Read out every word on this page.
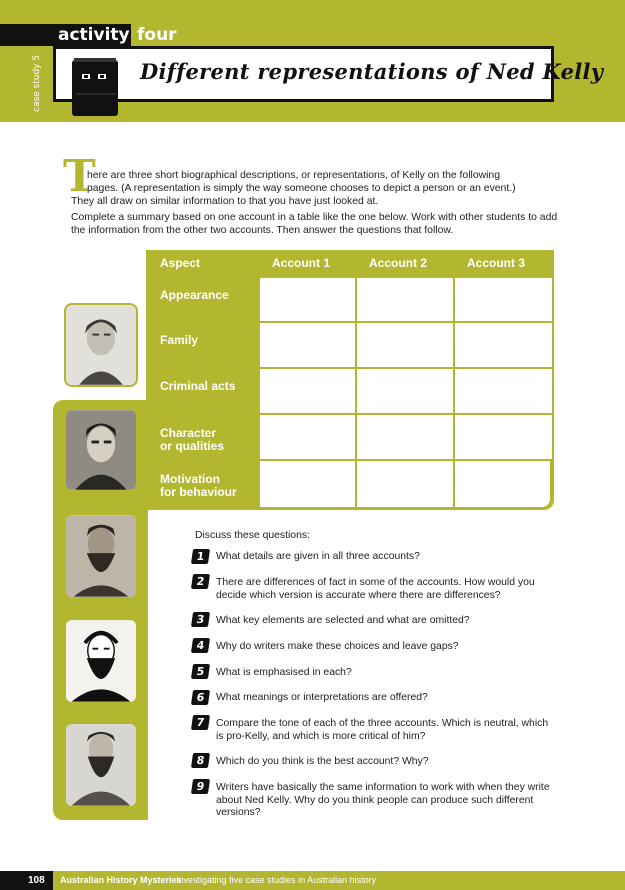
activity four
case study 5	Different representations of Ned Kelly
T

here are three short biographical descriptions, or representations, of Kelly on the following
pages. (A representation is simply the way someone chooses to depict a person or an event.)
They all draw on similar information to that you have just looked at.

Complete a summary based on one account in a table like the one below. Work with other students to add the information from the other two accounts. Then answer the questions that follow.

Aspect	Account 1	Account 2	Account 3
Appearance
Family
Criminal acts
Character
or qualities
Motivation
for behaviour
Discuss these questions:
1	What details are given in all three accounts?
2	There are differences of fact in some of the accounts. How would you decide which version is accurate where there are differences?
3	What key elements are selected and what are omitted?
4	Why do writers make these choices and leave gaps?
5	What is emphasised in each?
6	What meanings or interpretations are offered?
7	Compare the tone of each of the three accounts. Which is neutral, which is pro-Kelly, and which is more critical of him?
8	Which do you think is the best account? Why?
9	Writers have basically the same information to work with when they write about Ned Kelly. Why do you think people can produce such different versions?
108	Australian History Mysteries
Investigating five case studies in Australian history
